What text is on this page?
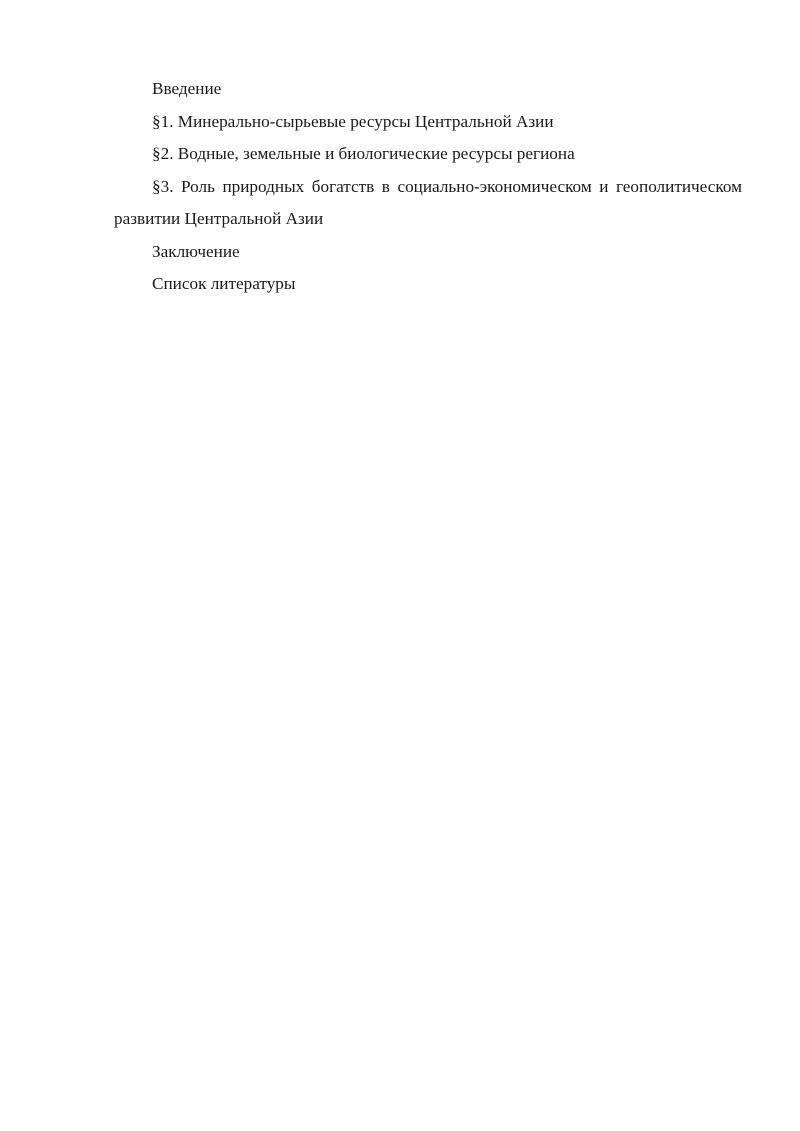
Введение

§1. Минерально-сырьевые ресурсы Центральной Азии

§2. Водные, земельные и биологические ресурсы региона

§3. Роль природных богатств в социально-экономическом и геополитическом развитии Центральной Азии

Заключение

Список литературы
